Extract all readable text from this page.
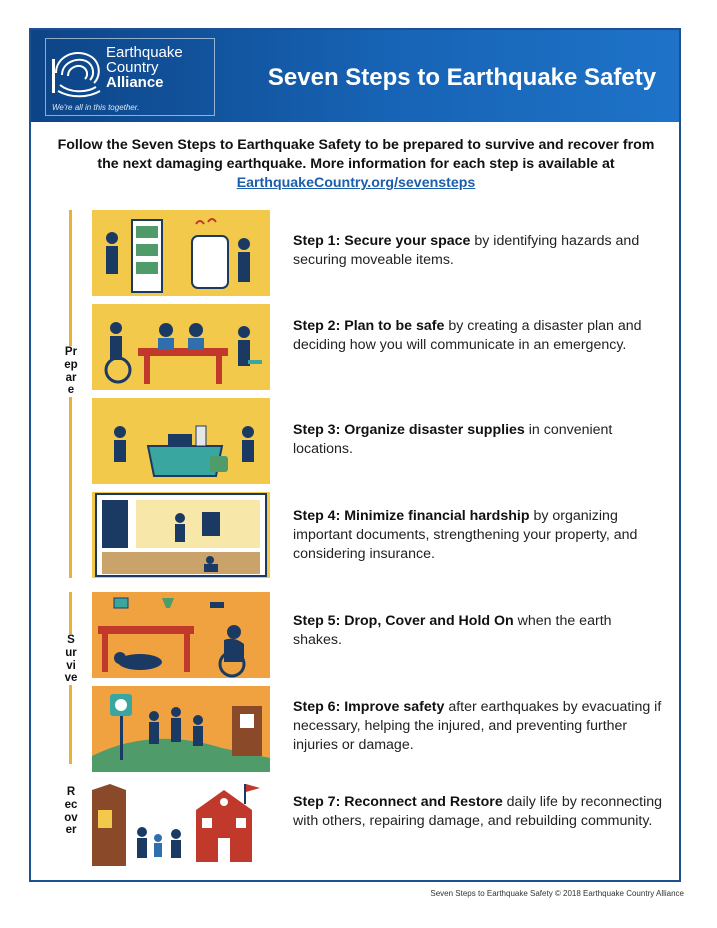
Earthquake
Country
Alliance
We're all in this together.
Seven Steps to Earthquake Safety
Follow the Seven Steps to Earthquake Safety to be prepared to survive and recover from the next damaging earthquake. More information for each step is available at
EarthquakeCountry.org/sevensteps
Prepare
Survive
Recover
Step 1: Secure your space by identifying hazards and securing moveable items.
Step 2: Plan to be safe by creating a disaster plan and deciding how you will communicate in an emergency.
Step 3: Organize disaster supplies in convenient locations.
Step 4: Minimize financial hardship by organizing important documents, strengthening your property, and considering insurance.
Step 5: Drop, Cover and Hold On when the earth shakes.
Step 6: Improve safety after earthquakes by evacuating if necessary, helping the injured, and preventing further injuries or damage.
Step 7: Reconnect and Restore daily life by reconnecting with others, repairing damage, and rebuilding community.
Seven Steps to Earthquake Safety © 2018 Earthquake Country Alliance
